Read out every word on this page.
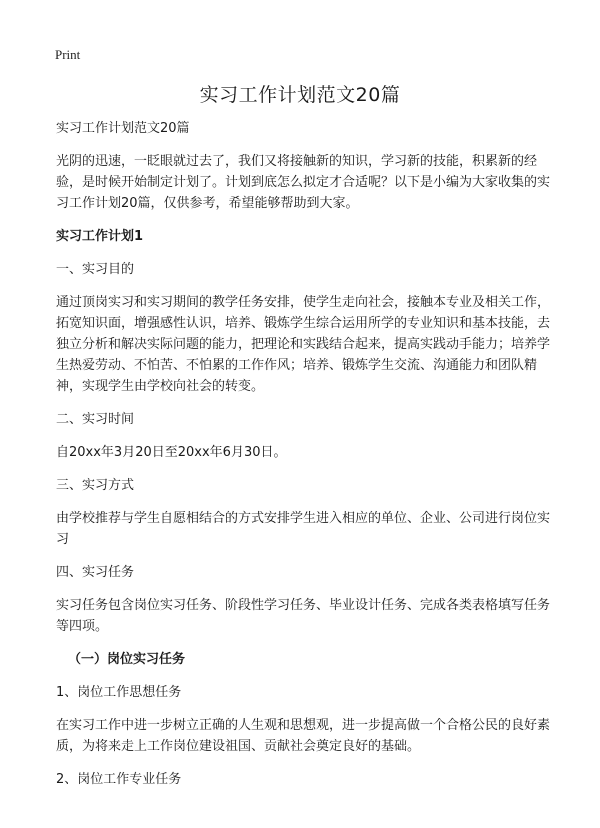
Print
实习工作计划范文20篇

实习工作计划范文20篇

光阴的迅速，一眨眼就过去了，我们又将接触新的知识，学习新的技能，积累新的经验，是时候开始制定计划了。计划到底怎么拟定才合适呢？以下是小编为大家收集的实习工作计划20篇，仅供参考，希望能够帮助到大家。

实习工作计划1

一、实习目的

通过顶岗实习和实习期间的教学任务安排，使学生走向社会，接触本专业及相关工作，拓宽知识面，增强感性认识，培养、锻炼学生综合运用所学的专业知识和基本技能，去独立分析和解决实际问题的能力，把理论和实践结合起来，提高实践动手能力；培养学生热爱劳动、不怕苦、不怕累的工作作风；培养、锻炼学生交流、沟通能力和团队精神，实现学生由学校向社会的转变。

二、实习时间

自20xx年3月20日至20xx年6月30日。

三、实习方式

由学校推荐与学生自愿相结合的方式安排学生进入相应的单位、企业、公司进行岗位实习

四、实习任务

实习任务包含岗位实习任务、阶段性学习任务、毕业设计任务、完成各类表格填写任务等四项。

（一）岗位实习任务

1、岗位工作思想任务

在实习工作中进一步树立正确的人生观和思想观，进一步提高做一个合格公民的良好素质，为将来走上工作岗位建设祖国、贡献社会奠定良好的基础。

2、岗位工作专业任务
